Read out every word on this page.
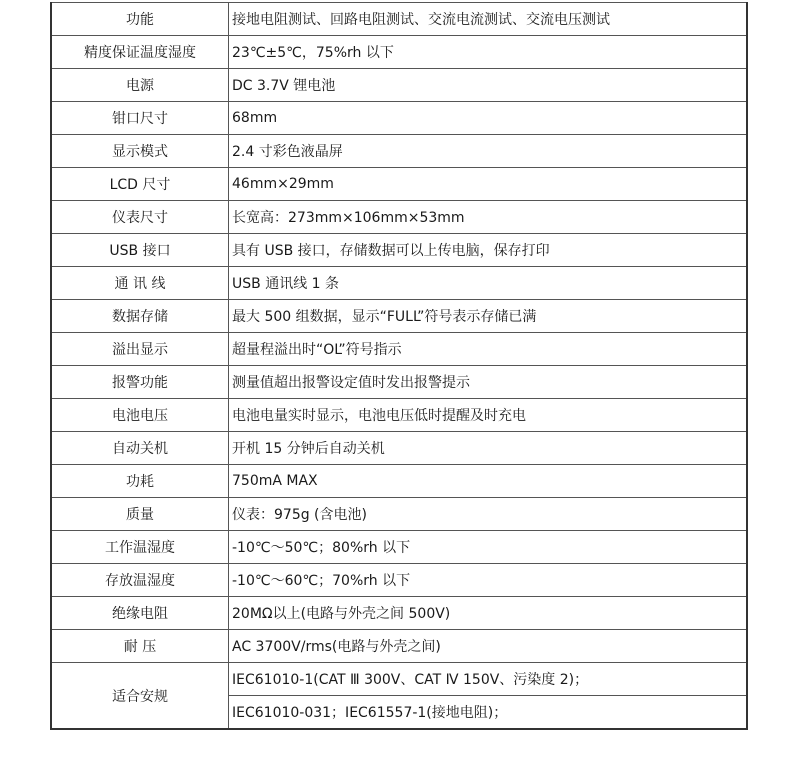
功能	接地电阻测试、回路电阻测试、交流电流测试、交流电压测试
精度保证温度湿度	23℃±5℃，75%rh 以下
电源	DC 3.7V 锂电池
钳口尺寸	68mm
显示模式	2.4 寸彩色液晶屏
LCD 尺寸	46mm×29mm
仪表尺寸	长宽高：273mm×106mm×53mm
USB 接口	具有 USB 接口，存储数据可以上传电脑，保存打印
通 讯 线	USB 通讯线 1 条
数据存储	最大 500 组数据，显示“FULL”符号表示存储已满
溢出显示	超量程溢出时“OL”符号指示
报警功能	测量值超出报警设定值时发出报警提示
电池电压	电池电量实时显示，电池电压低时提醒及时充电
自动关机	开机 15 分钟后自动关机
功耗	750mA MAX
质量	仪表：975g (含电池)
工作温湿度	-10℃～50℃；80%rh 以下
存放温湿度	-10℃～60℃；70%rh 以下
绝缘电阻	20MΩ以上(电路与外壳之间 500V)
耐 压	AC 3700V/rms(电路与外壳之间)
适合安规	IEC61010-1(CAT Ⅲ 300V、CAT Ⅳ 150V、污染度 2)；
	IEC61010-031；IEC61557-1(接地电阻)；
